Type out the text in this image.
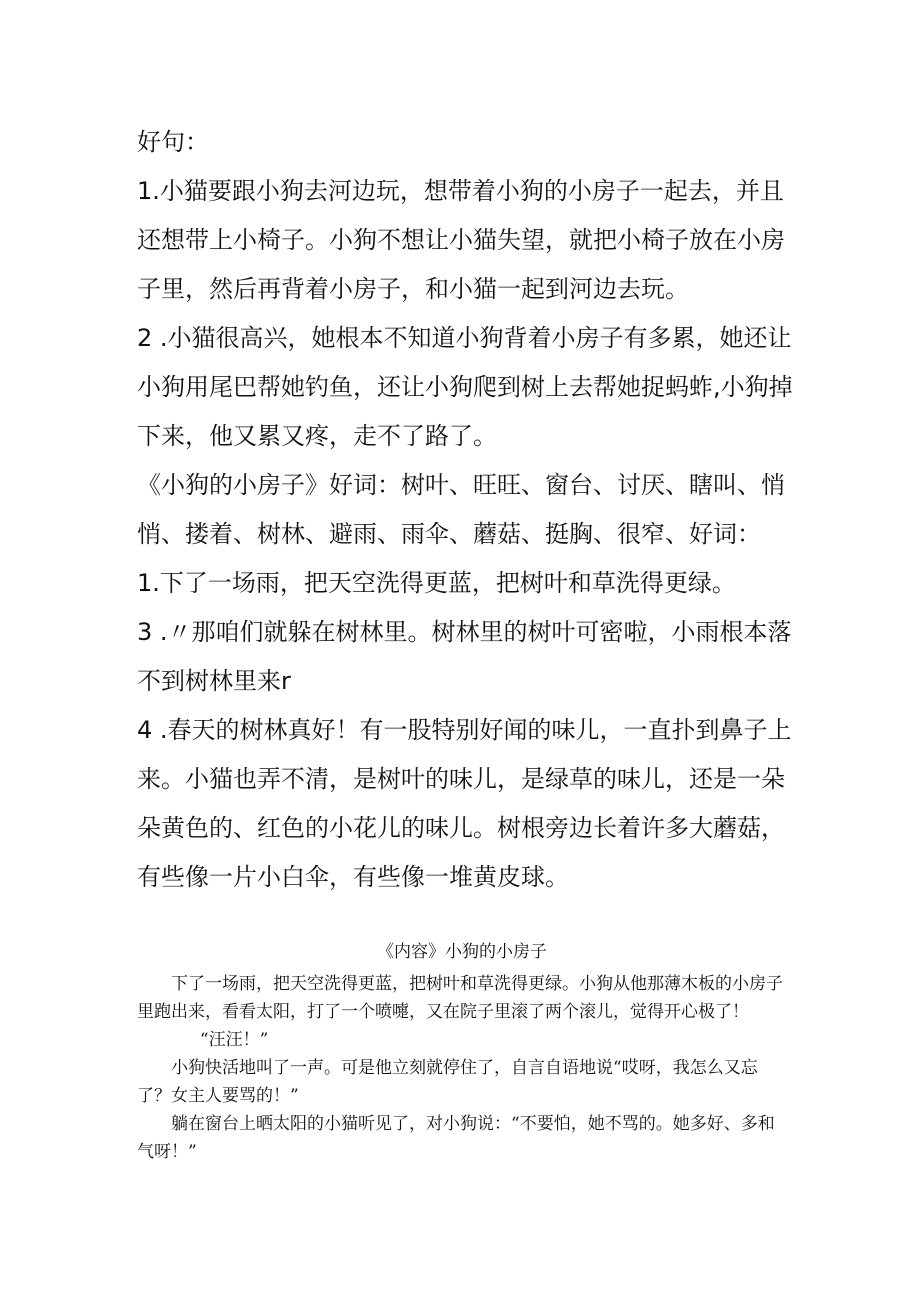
好句：

1.小猫要跟小狗去河边玩，想带着小狗的小房子一起去，并且还想带上小椅子。小狗不想让小猫失望，就把小椅子放在小房子里，然后再背着小房子，和小猫一起到河边去玩。

2 .小猫很高兴，她根本不知道小狗背着小房子有多累，她还让小狗用尾巴帮她钓鱼，还让小狗爬到树上去帮她捉蚂蚱,小狗掉下来，他又累又疼，走不了路了。

《小狗的小房子》好词：树叶、旺旺、窗台、讨厌、瞎叫、悄悄、搂着、树林、避雨、雨伞、蘑菇、挺胸、很窄、好词：

1.下了一场雨，把天空洗得更蓝，把树叶和草洗得更绿。

3 .〃那咱们就躲在树林里。树林里的树叶可密啦，小雨根本落不到树林里来r

4 .春天的树林真好！有一股特别好闻的味儿，一直扑到鼻子上来。小猫也弄不清，是树叶的味儿，是绿草的味儿，还是一朵朵黄色的、红色的小花儿的味儿。树根旁边长着许多大蘑菇，有些像一片小白伞，有些像一堆黄皮球。

《内容》小狗的小房子

下了一场雨，把天空洗得更蓝，把树叶和草洗得更绿。小狗从他那薄木板的小房子里跑出来，看看太阳，打了一个喷嚏，又在院子里滚了两个滚儿，觉得开心极了！

“汪汪！”

小狗快活地叫了一声。可是他立刻就停住了，自言自语地说“哎呀，我怎么又忘了？女主人要骂的！”

躺在窗台上晒太阳的小猫听见了，对小狗说：“不要怕，她不骂的。她多好、多和气呀！”
